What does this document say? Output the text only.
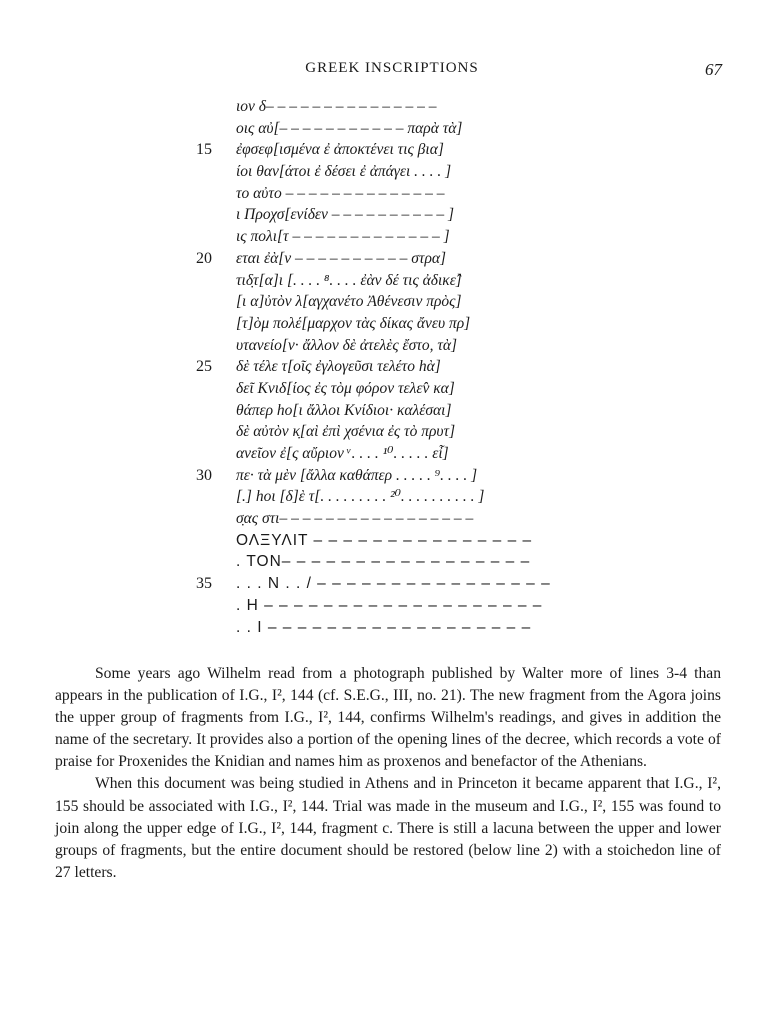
GREEK INSCRIPTIONS	67
ιον δ– – – – – – – – – – – – – – –
οις αὐ[– – – – – – – – – – – παρὰ τὰ]
15 ἐφσεφ[ισμένα ἐ ἀποκτένει τις βια]
ίοι θαν[άτοι ἐ δέσει ἐ ἀπάγει . . . . ]
το αὐτο – – – – – – – – – – – – – –
ι Προχσ[ενίδεν – – – – – – – – – – ]
ις πολι[τ – – – – – – – – – – – – – ]
20 εται ἐὰ[ν – – – – – – – – – – στρα]
τιδ̣τ[α]ι [. . . . ⁸. . . . ἐὰν δέ τις ἀδικε̂]
[ι α]ὐτὸν λ[αγχανέτο Ἀθένεσιν πρὸς]
[τ]ὸμ πολέ[μαρχον τὰς δίκας ἄνευ πρ]
υτανείο[ν· ἄλλον δὲ ἀτελὲς ἔστο, τὰ]
25 δὲ τέλε τ[οῖς ἐγλογεῦσι τελέτο hὰ]
δεῖ Κνιδ[ίος ἐς τὸμ φόρον τελε̂ν κα]
θάπερ hο[ι ἄλλοι Κνίδιοι· καλέσαι]
δὲ αὐτὸν κ̣[αὶ ἐπὶ χσένια ἐς τὸ πρυτ]
ανεῖον ἐ[ς αὔριον ͮ . . . . ¹⁰. . . . . εἶ]
30 πε· τὰ μὲν [ἄλλα καθάπερ . . . . . ⁹. . . . ]
[.] hοι [δ]ὲ τ[. . . . . . . . . ²⁰. . . . . . . . . . ]
σ̣ας στι– – – – – – – – – – – – – – – – –
ΟΛΞΥΛΙΤ – – – – – – – – – – – – – – –
. ΤΟΝ– – – – – – – – – – – – – – – – –
35 . . . Ν . . / – – – – – – – – – – – – – – – –
. Η – – – – – – – – – – – – – – – – – – –
. . Ι – – – – – – – – – – – – – – – – – –

Some years ago Wilhelm read from a photograph published by Walter more of lines 3-4 than appears in the publication of I.G., I², 144 (cf. S.E.G., III, no. 21). The new fragment from the Agora joins the upper group of fragments from I.G., I², 144, confirms Wilhelm's readings, and gives in addition the name of the secretary. It provides also a portion of the opening lines of the decree, which records a vote of praise for Proxenides the Knidian and names him as proxenos and benefactor of the Athenians.

When this document was being studied in Athens and in Princeton it became apparent that I.G., I², 155 should be associated with I.G., I², 144. Trial was made in the museum and I.G., I², 155 was found to join along the upper edge of I.G., I², 144, fragment c. There is still a lacuna between the upper and lower groups of fragments, but the entire document should be restored (below line 2) with a stoichedon line of 27 letters.
